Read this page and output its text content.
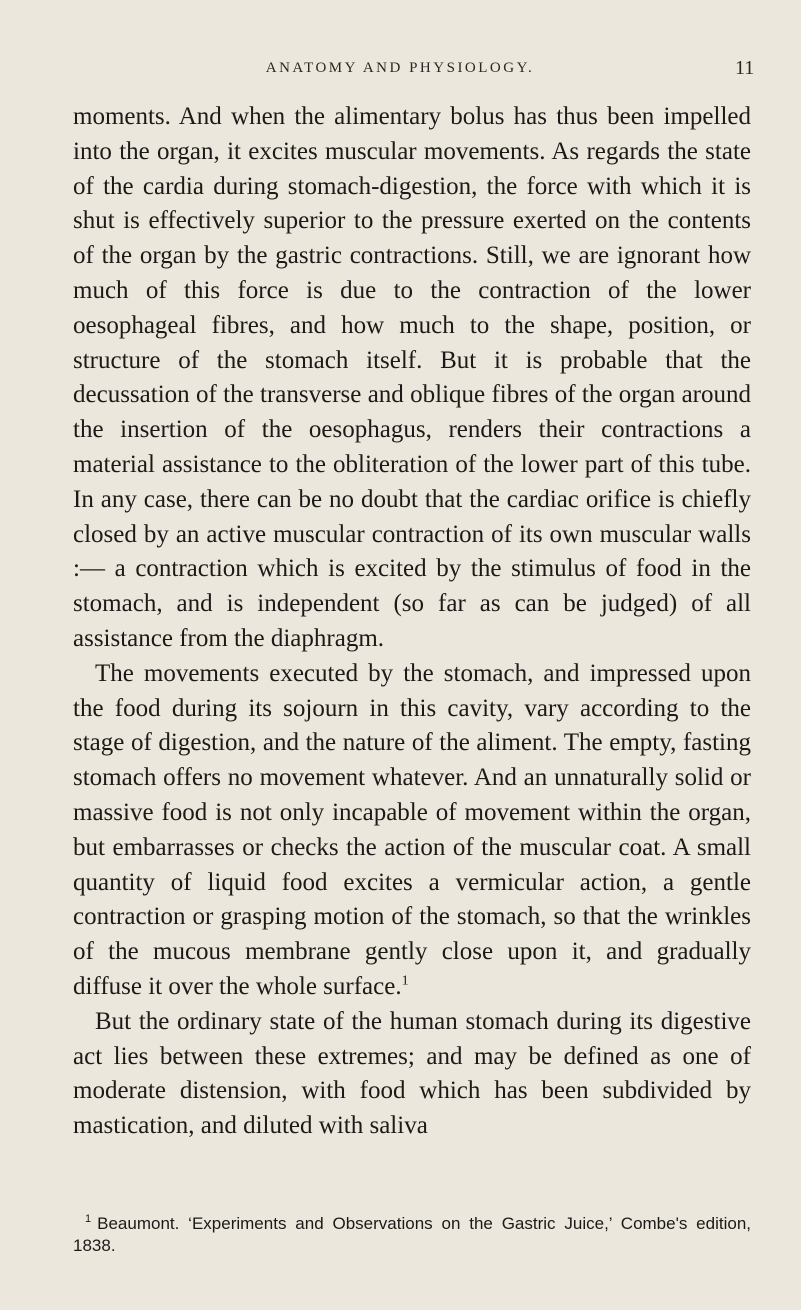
ANATOMY AND PHYSIOLOGY.	11

moments. And when the alimentary bolus has thus been impelled into the organ, it excites muscular movements. As regards the state of the cardia during stomach-digestion, the force with which it is shut is effectively superior to the pressure exerted on the contents of the organ by the gastric contractions. Still, we are ignorant how much of this force is due to the contraction of the lower oesophageal fibres, and how much to the shape, position, or structure of the stomach itself. But it is probable that the decussation of the transverse and oblique fibres of the organ around the insertion of the oesophagus, renders their contractions a material assistance to the obliteration of the lower part of this tube. In any case, there can be no doubt that the cardiac orifice is chiefly closed by an active muscular contraction of its own muscular walls :— a contraction which is excited by the stimulus of food in the stomach, and is independent (so far as can be judged) of all assistance from the diaphragm.

The movements executed by the stomach, and impressed upon the food during its sojourn in this cavity, vary according to the stage of digestion, and the nature of the aliment. The empty, fasting stomach offers no movement whatever. And an unnaturally solid or massive food is not only incapable of movement within the organ, but embarrasses or checks the action of the muscular coat. A small quantity of liquid food excites a vermicular action, a gentle contraction or grasping motion of the stomach, so that the wrinkles of the mucous membrane gently close upon it, and gradually diffuse it over the whole surface.$^1$

But the ordinary state of the human stomach during its digestive act lies between these extremes; and may be defined as one of moderate distension, with food which has been subdivided by mastication, and diluted with saliva

$^1$ Beaumont. ‘Experiments and Observations on the Gastric Juice,’ Combe's edition, 1838.
